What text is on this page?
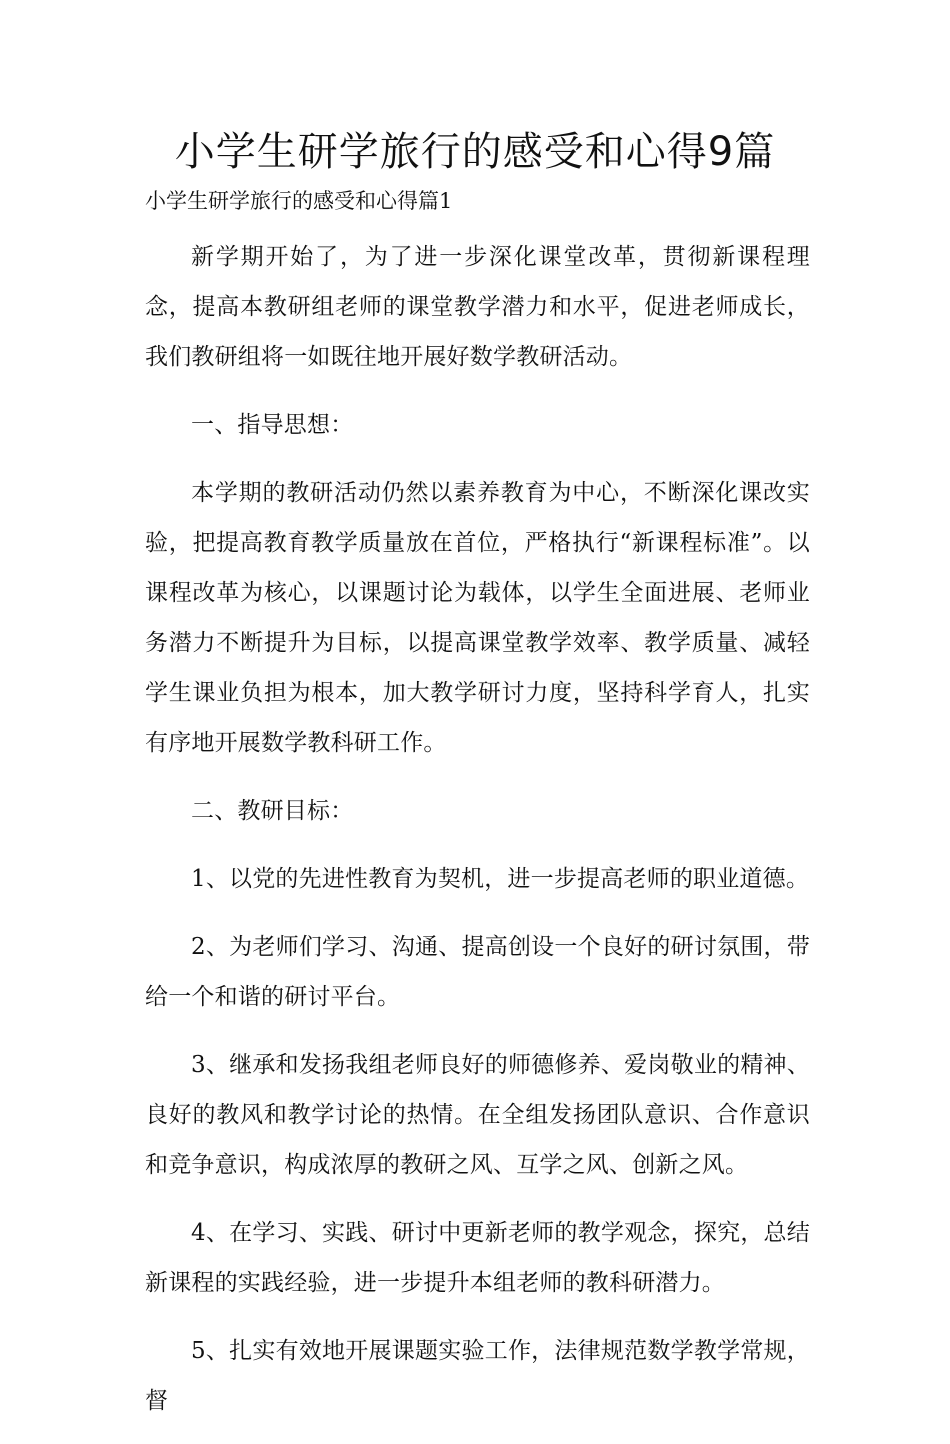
小学生研学旅行的感受和心得9篇

小学生研学旅行的感受和心得篇1

新学期开始了，为了进一步深化课堂改革，贯彻新课程理念，提高本教研组老师的课堂教学潜力和水平，促进老师成长，我们教研组将一如既往地开展好数学教研活动。

一、指导思想：

本学期的教研活动仍然以素养教育为中心，不断深化课改实验，把提高教育教学质量放在首位，严格执行“新课程标准”。以课程改革为核心，以课题讨论为载体，以学生全面进展、老师业务潜力不断提升为目标，以提高课堂教学效率、教学质量、减轻学生课业负担为根本，加大教学研讨力度，坚持科学育人，扎实有序地开展数学教科研工作。

二、教研目标：

1、以党的先进性教育为契机，进一步提高老师的职业道德。

2、为老师们学习、沟通、提高创设一个良好的研讨氛围，带给一个和谐的研讨平台。

3、继承和发扬我组老师良好的师德修养、爱岗敬业的精神、良好的教风和教学讨论的热情。在全组发扬团队意识、合作意识和竞争意识，构成浓厚的教研之风、互学之风、创新之风。

4、在学习、实践、研讨中更新老师的教学观念，探究，总结新课程的实践经验，进一步提升本组老师的教科研潜力。

5、扎实有效地开展课题实验工作，法律规范数学教学常规，督
